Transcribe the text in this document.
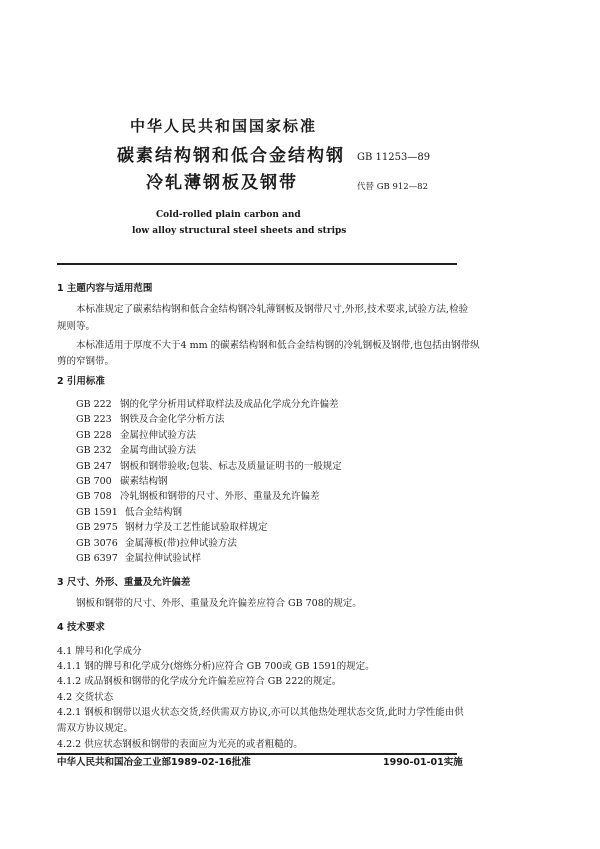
中华人民共和国国家标准
GB 11253—89
碳素结构钢和低合金结构钢
冷轧薄钢板及钢带	代替 GB 912—82
Cold-rolled plain carbon and
low alloy structural steel sheets and strips
1 主题内容与适用范围
本标准规定了碳素结构钢和低合金结构钢冷轧薄钢板及钢带尺寸,外形,技术要求,试验方法,检验
规则等。
本标准适用于厚度不大于4 mm 的碳素结构钢和低合金结构钢的冷轧钢板及钢带,也包括由钢带纵
剪的窄钢带。
2 引用标准
GB 222 钢的化学分析用试样取样法及成品化学成分允许偏差
GB 223 钢铁及合金化学分析方法
GB 228 金属拉伸试验方法
GB 232 金属弯曲试验方法
GB 247 钢板和钢带验收;包装、标志及质量证明书的一般规定
GB 700 碳素结构钢
GB 708 冷轧钢板和钢带的尺寸、外形、重量及允许偏差
GB 1591 低合金结构钢
GB 2975 钢材力学及工艺性能试验取样规定
GB 3076 金属薄板(带)拉伸试验方法
GB 6397 金属拉伸试验试样
3 尺寸、外形、重量及允许偏差
钢板和钢带的尺寸、外形、重量及允许偏差应符合 GB 708的规定。
4 技术要求
4.1 牌号和化学成分
4.1.1 钢的牌号和化学成分(熔炼分析)应符合 GB 700或 GB 1591的规定。
4.1.2 成品钢板和钢带的化学成分允许偏差应符合 GB 222的规定。
4.2 交货状态
4.2.1 钢板和钢带以退火状态交货,经供需双方协议,亦可以其他热处理状态交货,此时力学性能由供
需双方协议规定。
4.2.2 供应状态钢板和钢带的表面应为光亮的或者粗糙的。
中华人民共和国冶金工业部1989-02-16批准	1990-01-01实施
